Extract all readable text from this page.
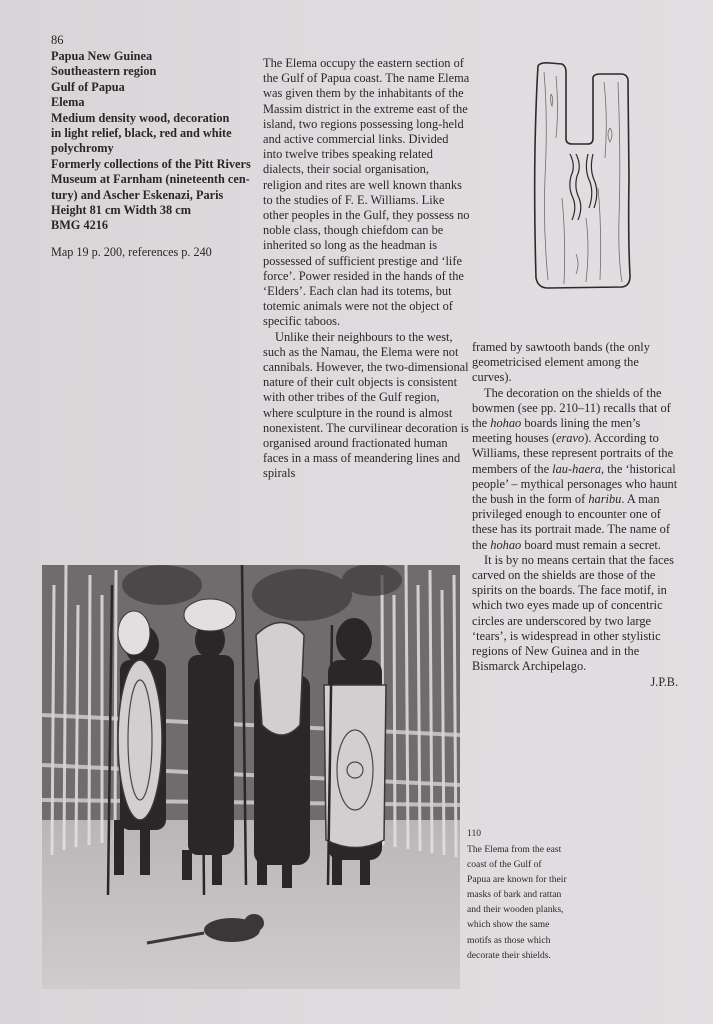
86

Papua New Guinea
Southeastern region
Gulf of Papua
Elema
Medium density wood, decoration
in light relief, black, red and white
polychromy
Formerly collections of the Pitt Rivers
Museum at Farnham (nineteenth cen-
tury) and Ascher Eskenazi, Paris
Height 81 cm Width 38 cm
BMG 4216

Map 19 p. 200, references p. 240

The Elema occupy the eastern section of the Gulf of Papua coast. The name Elema was given them by the inhabitants of the Massim district in the extreme east of the island, two regions possessing long-held and active commercial links. Divided into twelve tribes speaking related dialects, their social organisation, religion and rites are well known thanks to the studies of F. E. Williams. Like other peoples in the Gulf, they possess no noble class, though chiefdom can be inherited so long as the headman is possessed of sufficient prestige and ‘life force’. Power resided in the hands of the ‘Elders’. Each clan had its totems, but totemic animals were not the object of specific taboos.

Unlike their neighbours to the west, such as the Namau, the Elema were not cannibals. However, the two-dimensional nature of their cult objects is consistent with other tribes of the Gulf region, where sculpture in the round is almost nonexistent. The curvilinear decoration is organised around fractionated human faces in a mass of meandering lines and spirals

framed by sawtooth bands (the only geometricised element among the curves).

The decoration on the shields of the bowmen (see pp. 210–11) recalls that of the hohao boards lining the men’s meeting houses (eravo). According to Williams, these represent portraits of the members of the lau-haera, the ‘historical people’ – mythical personages who haunt the bush in the form of haribu. A man privileged enough to encounter one of these has its portrait made. The name of the hohao board must remain a secret.

It is by no means certain that the faces carved on the shields are those of the spirits on the boards. The face motif, in which two eyes made up of concentric circles are underscored by two large ‘tears’, is widespread in other stylistic regions of New Guinea and in the Bismarck Archipelago.

J.P.B.

110

The Elema from the east coast of the Gulf of Papua are known for their masks of bark and rattan and their wooden planks, which show the same motifs as those which decorate their shields.
